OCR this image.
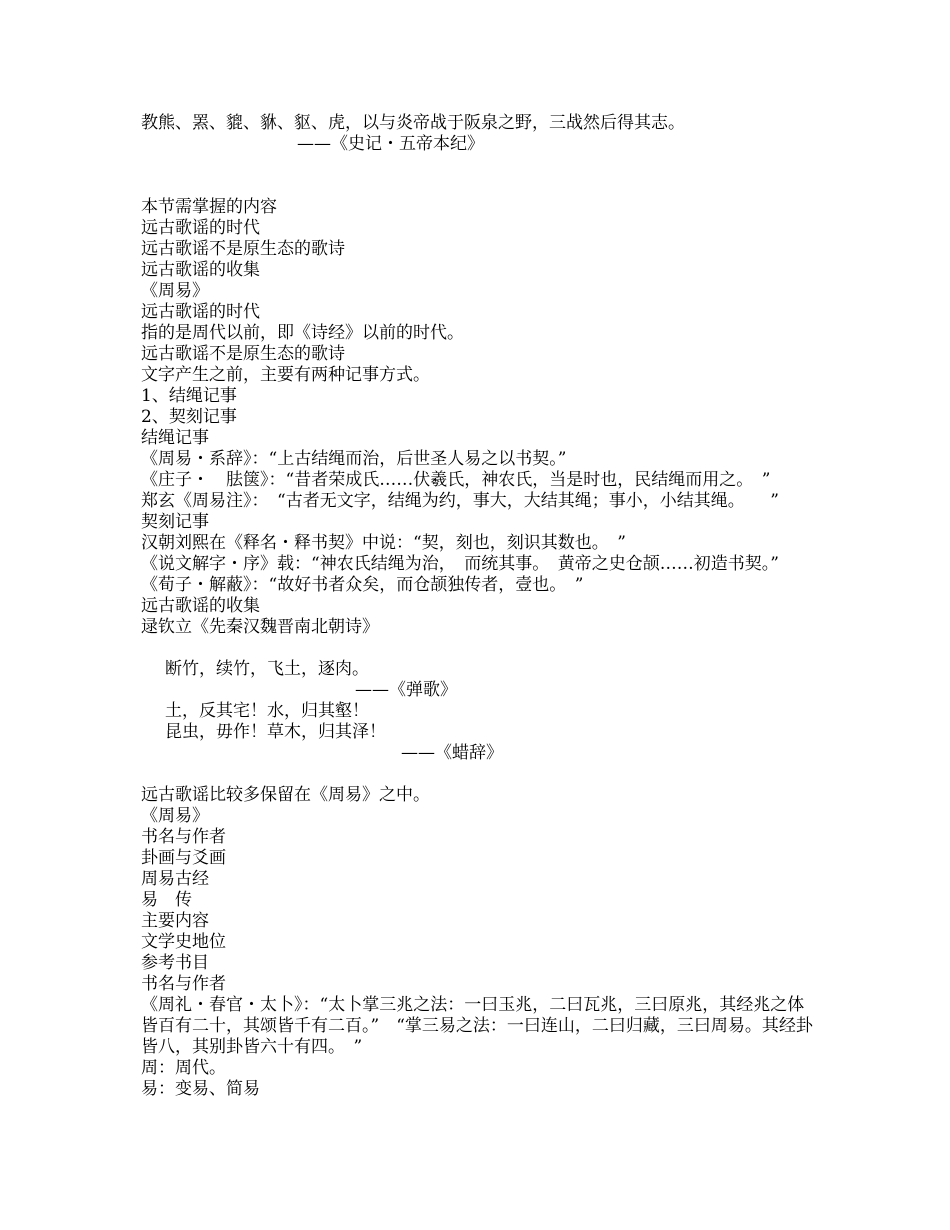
教熊、罴、貔、貅、䝙、虎，以与炎帝战于阪泉之野，三战然后得其志。
——《史记・五帝本纪》
本节需掌握的内容
远古歌谣的时代
远古歌谣不是原生态的歌诗
远古歌谣的收集
《周易》
远古歌谣的时代
指的是周代以前，即《诗经》以前的时代。
远古歌谣不是原生态的歌诗
文字产生之前，主要有两种记事方式。
1、结绳记事
2、契刻记事
结绳记事
《周易・系辞》：“上古结绳而治，后世圣人易之以书契。”
《庄子・　胠箧》：“昔者荣成氏……伏羲氏，神农氏，当是时也，民结绳而用之。　”
郑玄《周易注》：　“古者无文字，结绳为约，事大，大结其绳；事小，小结其绳。　　”
契刻记事
汉朝刘熙在《释名・释书契》中说：“契，刻也，刻识其数也。　”
《说文解字・序》载：“神农氏结绳为治，　而统其事。　黄帝之史仓颉……初造书契。”
《荀子・解蔽》：“故好书者众矣，而仓颉独传者，壹也。　”
远古歌谣的收集
逯钦立《先秦汉魏晋南北朝诗》
断竹，续竹，飞土，逐肉。
——《弹歌》
土，反其宅！水，归其壑！
昆虫，毋作！草木，归其泽！
——《蜡辞》
远古歌谣比较多保留在《周易》之中。
《周易》
书名与作者
卦画与爻画
周易古经
易　传
主要内容
文学史地位
参考书目
书名与作者
《周礼・春官・太卜》：“太卜掌三兆之法：一曰玉兆，二曰瓦兆，三曰原兆，其经兆之体皆百有二十，其颂皆千有二百。”　“掌三易之法：一曰连山，二曰归藏，三曰周易。其经卦皆八，其别卦皆六十有四。　”
周：周代。
易：变易、简易
